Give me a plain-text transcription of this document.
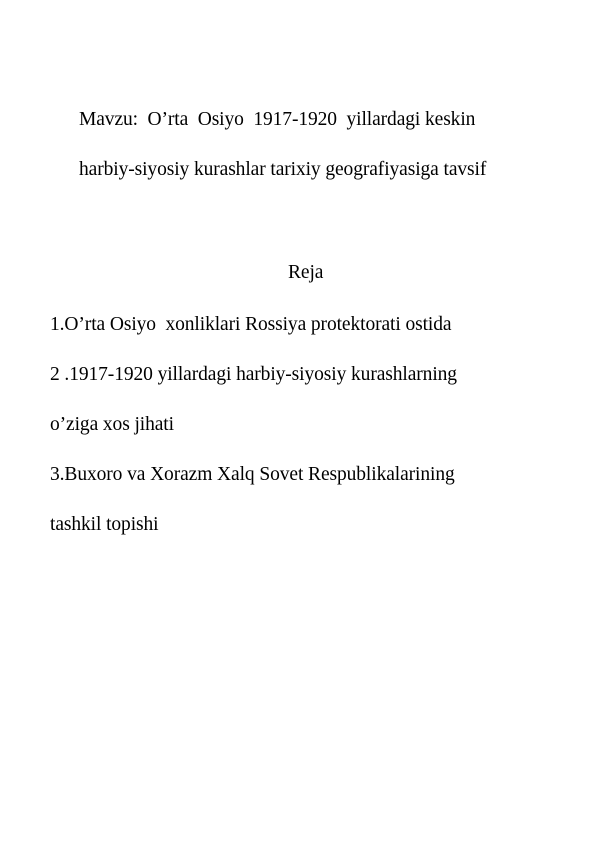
Mavzu:  O’rta  Osiyo  1917-1920  yillardagi keskin
harbiy-siyosiy kurashlar tarixiy geografiyasiga tavsif
Reja
1.O’rta Osiyo  xonliklari Rossiya protektorati ostida
2 .1917-1920 yillardagi harbiy-siyosiy kurashlarning
o’ziga xos jihati
3.Buxoro va Xorazm Xalq Sovet Respublikalarining
tashkil topishi
